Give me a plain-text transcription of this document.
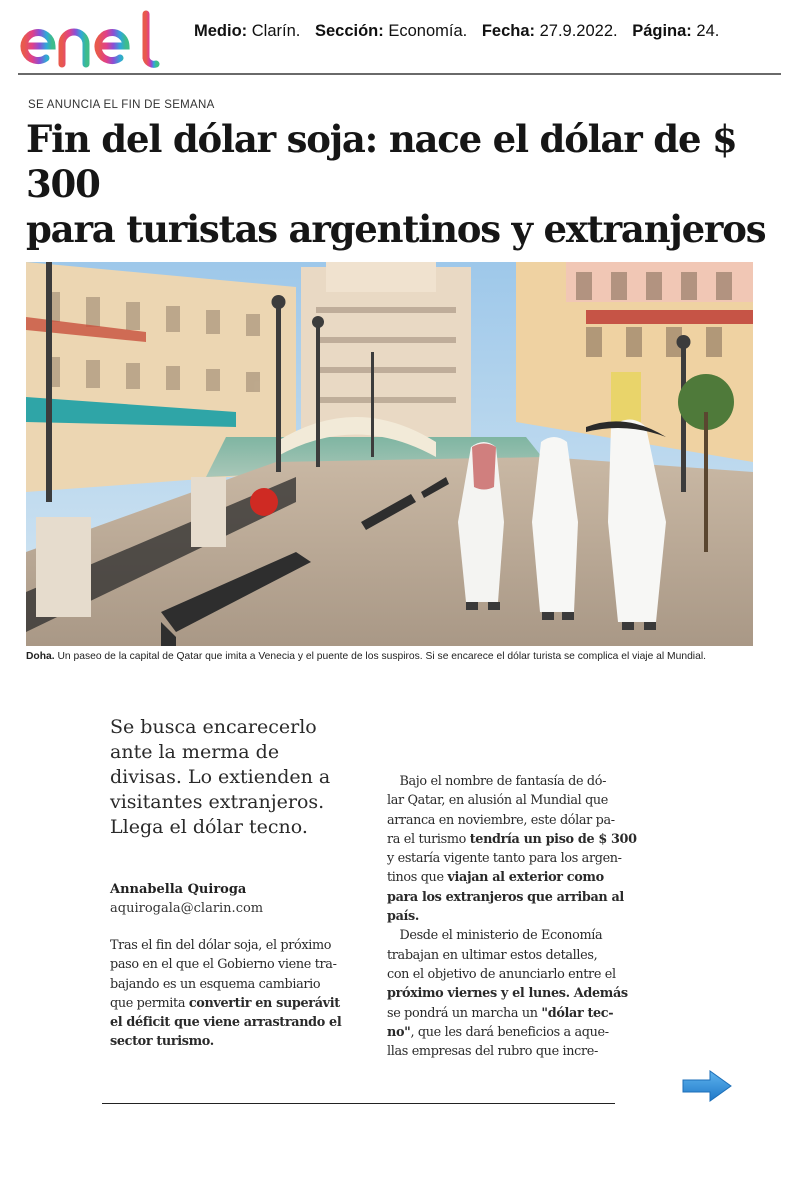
Medio: Clarín. Sección: Economía. Fecha: 27.9.2022. Página: 24.
SE ANUNCIA EL FIN DE SEMANA
Fin del dólar soja: nace el dólar de $ 300
para turistas argentinos y extranjeros
Doha. Un paseo de la capital de Qatar que imita a Venecia y el puente de los suspiros. Si se encarece el dólar turista se complica el viaje al Mundial.
Se busca encarecerlo
ante la merma de
divisas. Lo extienden a
visitantes extranjeros.
Llega el dólar tecno.
Annabella Quiroga
aquirogala@clarin.com
Tras el fin del dólar soja, el próximo
paso en el que el Gobierno viene tra-
bajando es un esquema cambiario
que permita convertir en superávit
el déficit que viene arrastrando el
sector turismo.
 Bajo el nombre de fantasía de dó-
lar Qatar, en alusión al Mundial que
arranca en noviembre, este dólar pa-
ra el turismo tendría un piso de $ 300
y estaría vigente tanto para los argen-
tinos que viajan al exterior como
para los extranjeros que arriban al
país.
 Desde el ministerio de Economía
trabajan en ultimar estos detalles,
con el objetivo de anunciarlo entre el
próximo viernes y el lunes. Además
se pondrá un marcha un "dólar tec-
no", que les dará beneficios a aque-
llas empresas del rubro que incre-
